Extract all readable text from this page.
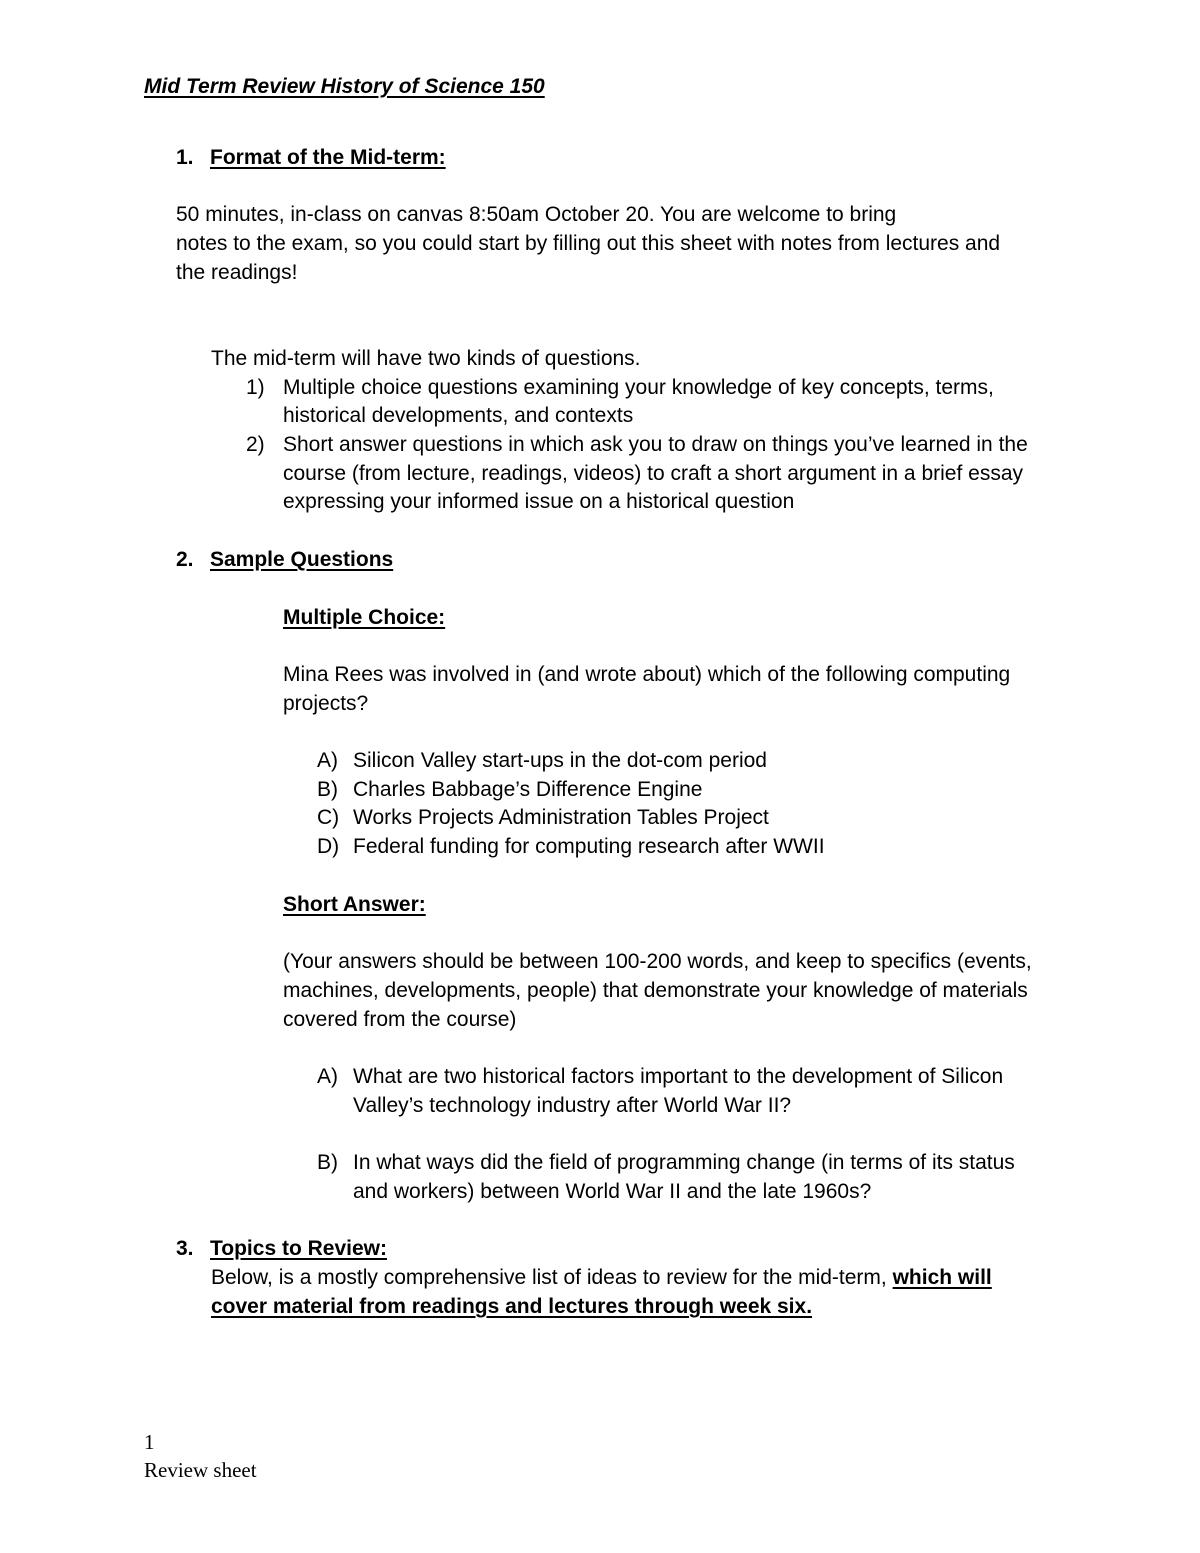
Mid Term Review History of Science 150
1. Format of the Mid-term:
50 minutes, in-class on canvas 8:50am October 20. You are welcome to bring
notes to the exam, so you could start by filling out this sheet with notes from lectures and
the readings!
The mid-term will have two kinds of questions.
1) Multiple choice questions examining your knowledge of key concepts, terms,
historical developments, and contexts
2) Short answer questions in which ask you to draw on things you’ve learned in the
course (from lecture, readings, videos) to craft a short argument in a brief essay
expressing your informed issue on a historical question
2. Sample Questions
Multiple Choice:
Mina Rees was involved in (and wrote about) which of the following computing
projects?
A) Silicon Valley start-ups in the dot-com period
B) Charles Babbage’s Difference Engine
C) Works Projects Administration Tables Project
D) Federal funding for computing research after WWII
Short Answer:
(Your answers should be between 100-200 words, and keep to specifics (events,
machines, developments, people) that demonstrate your knowledge of materials
covered from the course)
A) What are two historical factors important to the development of Silicon
Valley’s technology industry after World War II?
B) In what ways did the field of programming change (in terms of its status
and workers) between World War II and the late 1960s?
3. Topics to Review:
Below, is a mostly comprehensive list of ideas to review for the mid-term, which will
cover material from readings and lectures through week six.
1
Review sheet
